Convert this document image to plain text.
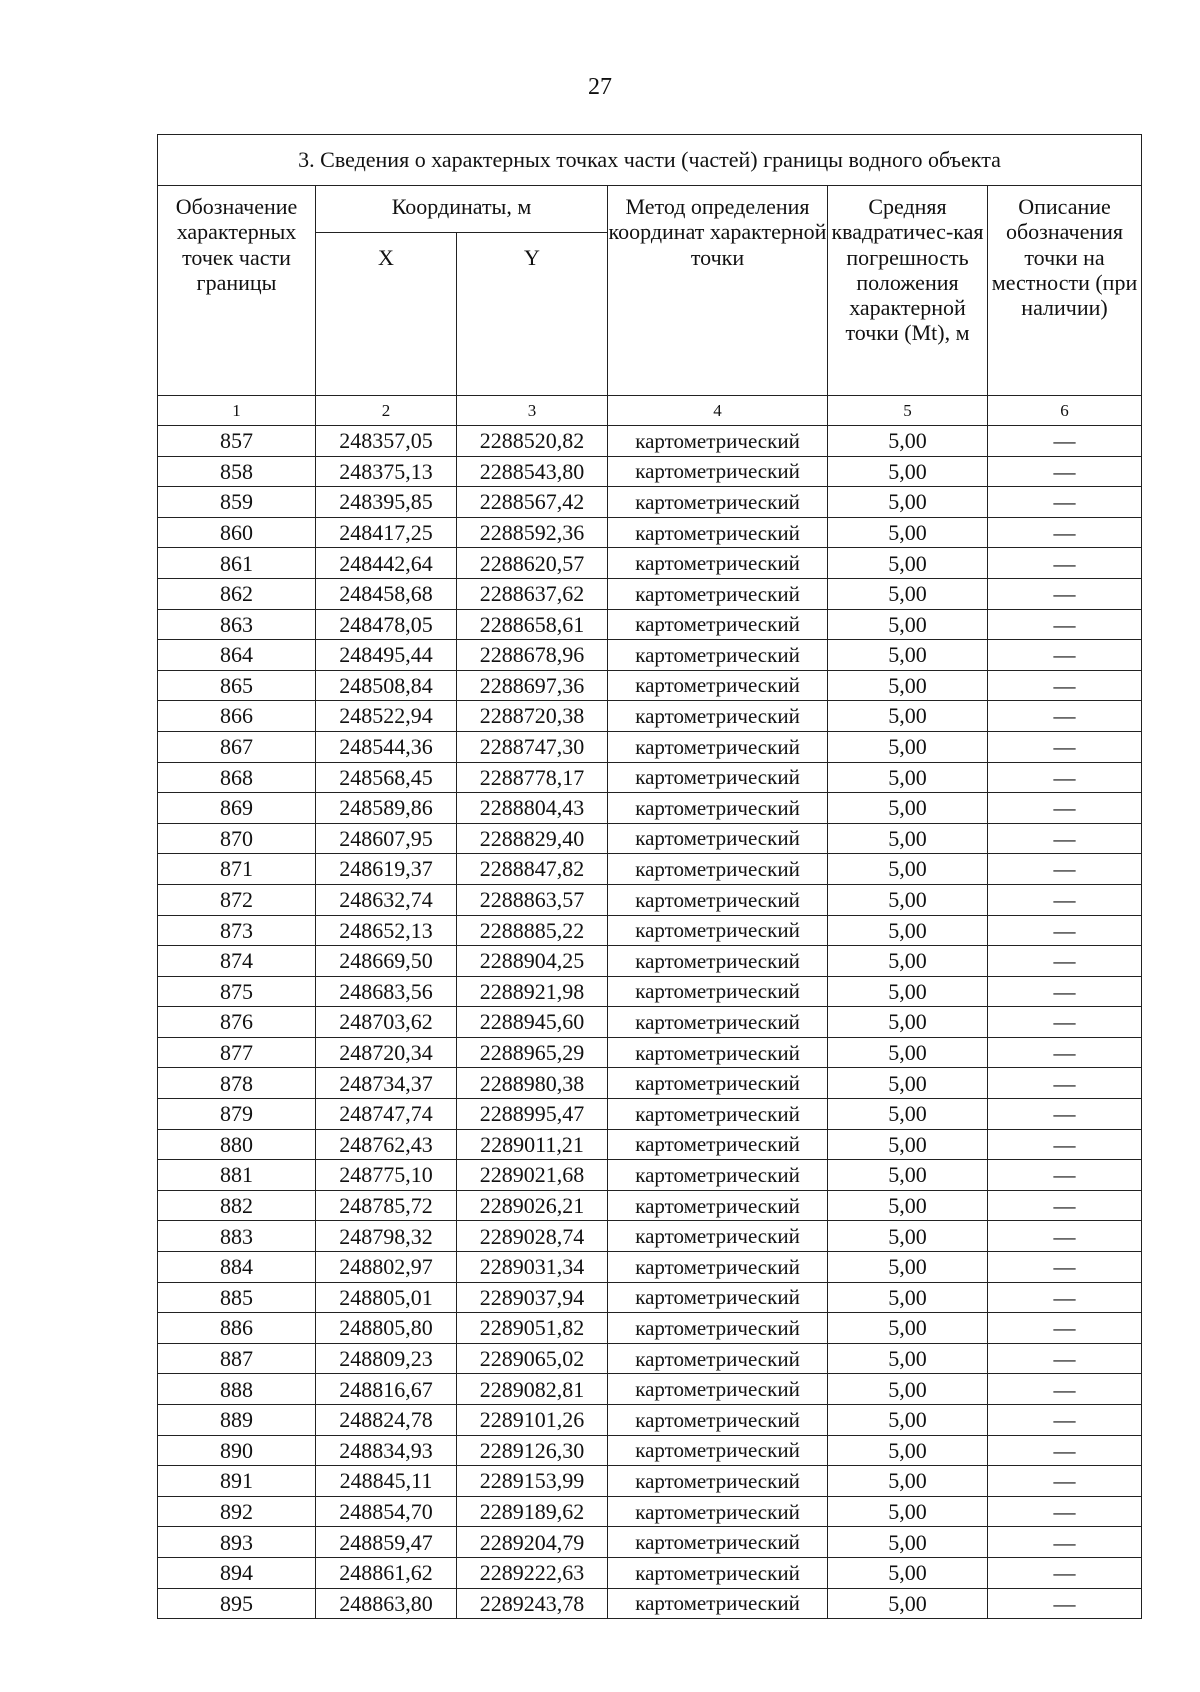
27
3. Сведения о характерных точках части (частей) границы водного объекта					
Обозначение характерных точек части границы	Координаты, м		Метод определения координат характерной точки	Средняя квадратичес-кая погрешность положения характерной точки (Mt), м	Описание обозначения точки на местности (при наличии)
	X	Y			

1	2	3	4	5	6
857	248357,05	2288520,82	картометрический	5,00	—
858	248375,13	2288543,80	картометрический	5,00	—
859	248395,85	2288567,42	картометрический	5,00	—
860	248417,25	2288592,36	картометрический	5,00	—
861	248442,64	2288620,57	картометрический	5,00	—
862	248458,68	2288637,62	картометрический	5,00	—
863	248478,05	2288658,61	картометрический	5,00	—
864	248495,44	2288678,96	картометрический	5,00	—
865	248508,84	2288697,36	картометрический	5,00	—
866	248522,94	2288720,38	картометрический	5,00	—
867	248544,36	2288747,30	картометрический	5,00	—
868	248568,45	2288778,17	картометрический	5,00	—
869	248589,86	2288804,43	картометрический	5,00	—
870	248607,95	2288829,40	картометрический	5,00	—
871	248619,37	2288847,82	картометрический	5,00	—
872	248632,74	2288863,57	картометрический	5,00	—
873	248652,13	2288885,22	картометрический	5,00	—
874	248669,50	2288904,25	картометрический	5,00	—
875	248683,56	2288921,98	картометрический	5,00	—
876	248703,62	2288945,60	картометрический	5,00	—
877	248720,34	2288965,29	картометрический	5,00	—
878	248734,37	2288980,38	картометрический	5,00	—
879	248747,74	2288995,47	картометрический	5,00	—
880	248762,43	2289011,21	картометрический	5,00	—
881	248775,10	2289021,68	картометрический	5,00	—
882	248785,72	2289026,21	картометрический	5,00	—
883	248798,32	2289028,74	картометрический	5,00	—
884	248802,97	2289031,34	картометрический	5,00	—
885	248805,01	2289037,94	картометрический	5,00	—
886	248805,80	2289051,82	картометрический	5,00	—
887	248809,23	2289065,02	картометрический	5,00	—
888	248816,67	2289082,81	картометрический	5,00	—
889	248824,78	2289101,26	картометрический	5,00	—
890	248834,93	2289126,30	картометрический	5,00	—
891	248845,11	2289153,99	картометрический	5,00	—
892	248854,70	2289189,62	картометрический	5,00	—
893	248859,47	2289204,79	картометрический	5,00	—
894	248861,62	2289222,63	картометрический	5,00	—
895	248863,80	2289243,78	картометрический	5,00	—
